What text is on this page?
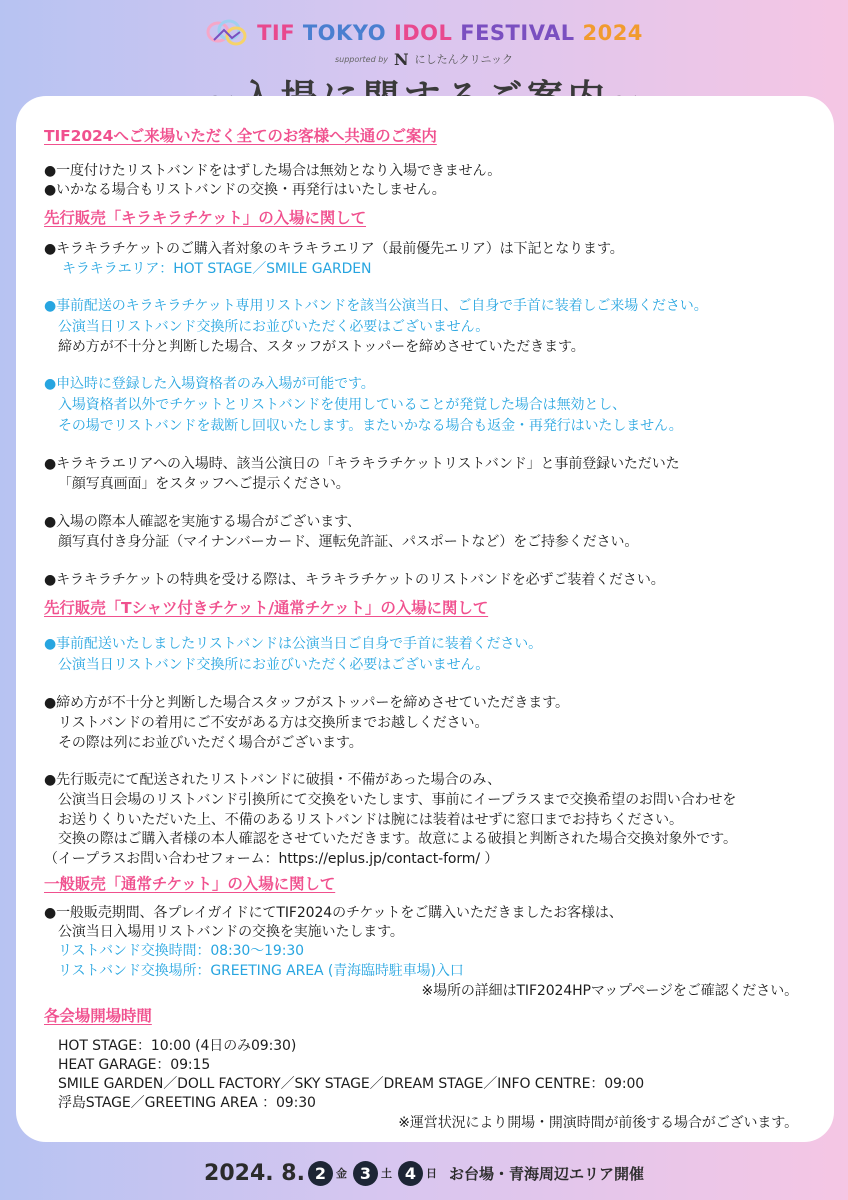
TIF TOKYO IDOL FESTIVAL 2024
supported by N にしたんクリニック
TIF2024へご来場いただく全てのお客様へ共通のご案内
●一度付けたリストバンドをはずした場合は無効となり入場できません。
●いかなる場合もリストバンドの交換・再発行はいたしません。
先行販売「キラキラチケット」の入場に関して
●キラキラチケットのご購入者対象のキラキラエリア（最前優先エリア）は下記となります。
キラキラエリア：HOT STAGE／SMILE GARDEN
●事前配送のキラキラチケット専用リストバンドを該当公演当日、ご自身で手首に装着しご来場ください。
公演当日リストバンド交換所にお並びいただく必要はございません。
締め方が不十分と判断した場合、スタッフがストッパーを締めさせていただきます。
●申込時に登録した入場資格者のみ入場が可能です。
入場資格者以外でチケットとリストバンドを使用していることが発覚した場合は無効とし、
その場でリストバンドを裁断し回収いたします。またいかなる場合も返金・再発行はいたしません。
●キラキラエリアへの入場時、該当公演日の「キラキラチケットリストバンド」と事前登録いただいた
「顔写真画面」をスタッフへご提示ください。
●入場の際本人確認を実施する場合がございます、
顔写真付き身分証（マイナンバーカード、運転免許証、パスポートなど）をご持参ください。
●キラキラチケットの特典を受ける際は、キラキラチケットのリストバンドを必ずご装着ください。
先行販売「Tシャツ付きチケット/通常チケット」の入場に関して
●事前配送いたしましたリストバンドは公演当日ご自身で手首に装着ください。
公演当日リストバンド交換所にお並びいただく必要はございません。
●締め方が不十分と判断した場合スタッフがストッパーを締めさせていただきます。
リストバンドの着用にご不安がある方は交換所までお越しください。
その際は列にお並びいただく場合がございます。
●先行販売にて配送されたリストバンドに破損・不備があった場合のみ、
公演当日会場のリストバンド引換所にて交換をいたします、事前にイープラスまで交換希望のお問い合わせを
お送りくりいただいた上、不備のあるリストバンドは腕には装着はせずに窓口までお持ちください。
交換の際はご購入者様の本人確認をさせていただきます。故意による破損と判断された場合交換対象外です。
（イープラスお問い合わせフォーム：https://eplus.jp/contact-form/ ）
一般販売「通常チケット」の入場に関して
●一般販売期間、各プレイガイドにてTIF2024のチケットをご購入いただきましたお客様は、
公演当日入場用リストバンドの交換を実施いたします。
リストバンド交換時間：08:30〜19:30
リストバンド交換場所：GREETING AREA (青海臨時駐車場)入口
※場所の詳細はTIF2024HPマップページをご確認ください。
各会場開場時間
HOT STAGE：10:00 (4日のみ09:30)
HEAT GARAGE：09:15
SMILE GARDEN／DOLL FACTORY／SKY STAGE／DREAM STAGE／INFO CENTRE：09:00
浮島STAGE／GREETING AREA ：09:30
※運営状況により開場・開演時間が前後する場合がございます。
2024. 8. 2 金 3 土 4 日 お台場・青海周辺エリア開催
